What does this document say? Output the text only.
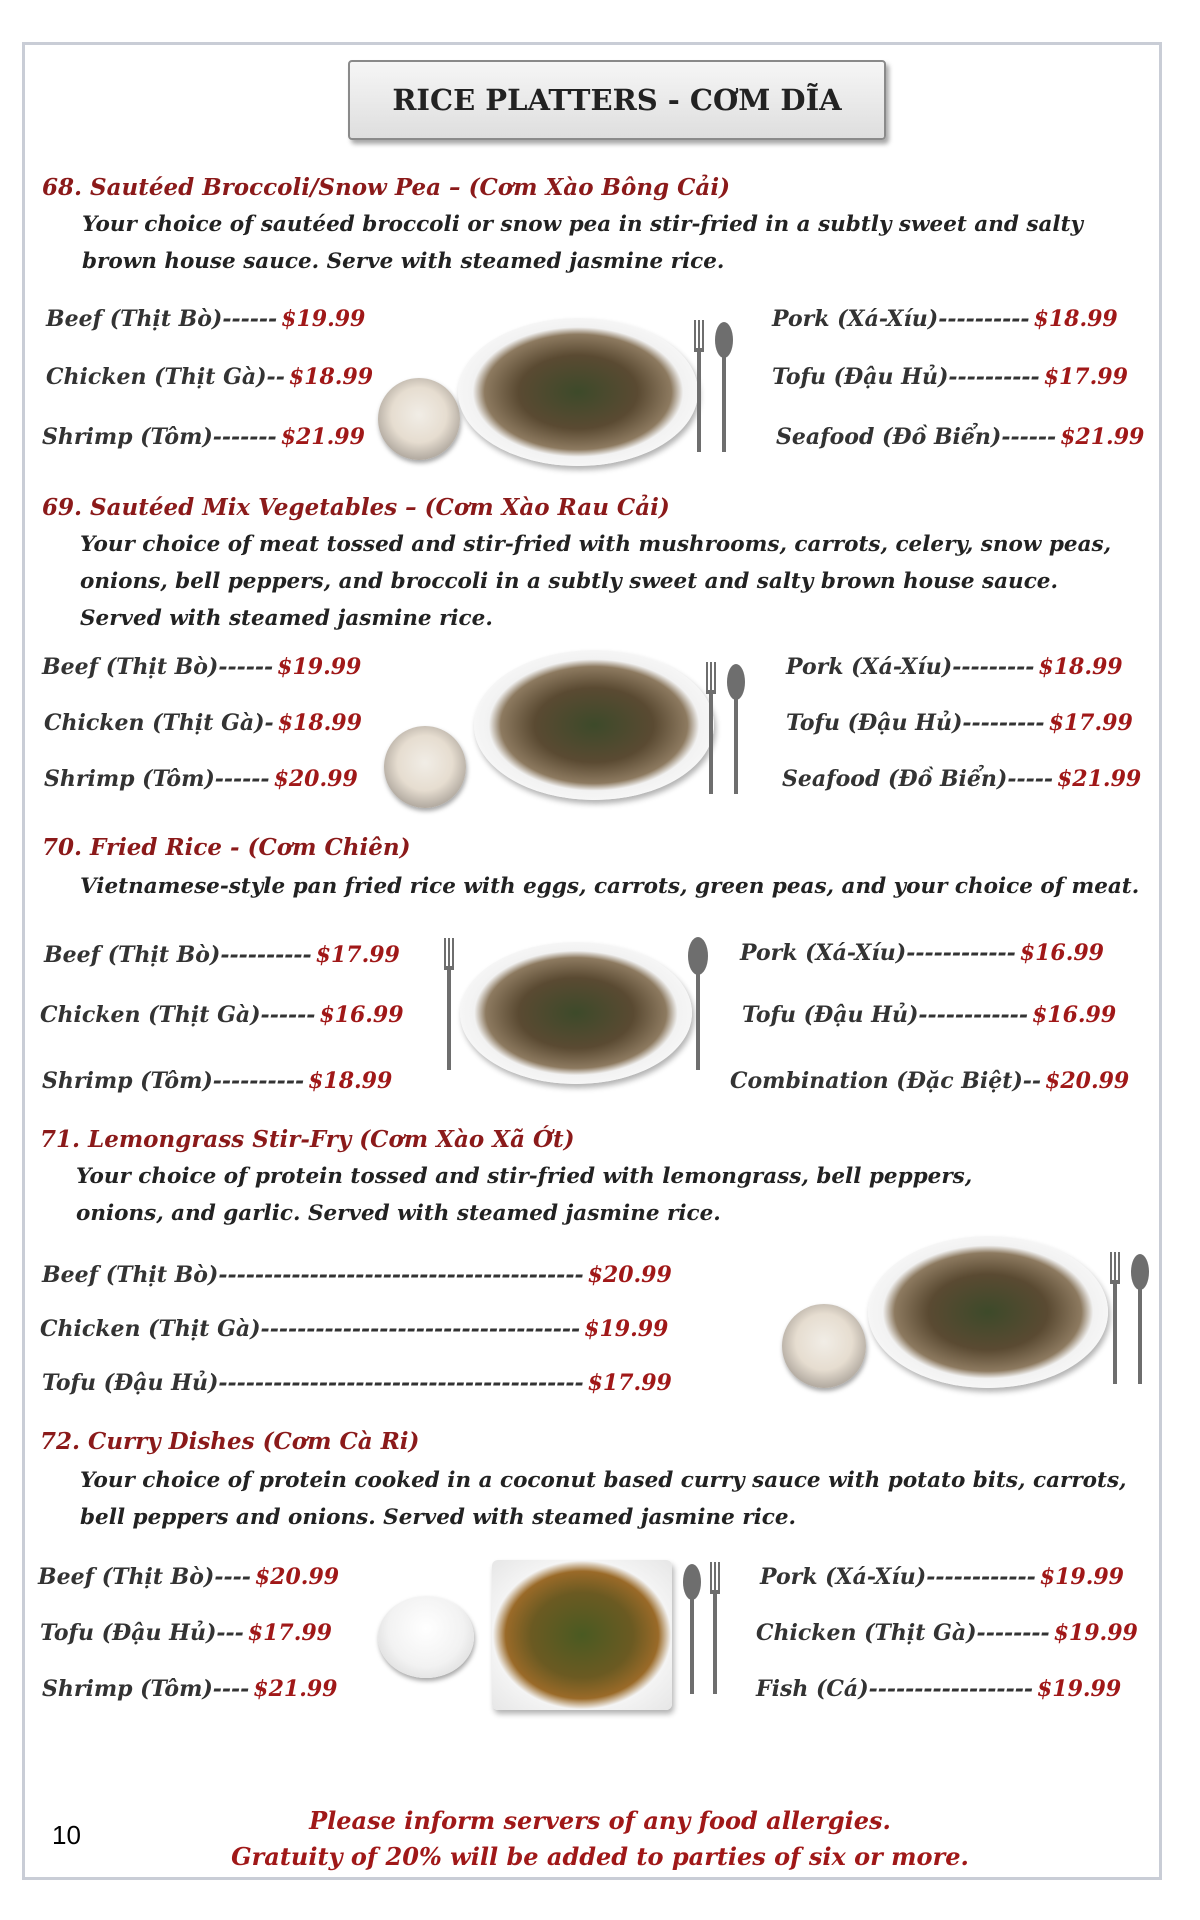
RICE PLATTERS - CƠM DĨA
68. Sautéed Broccoli/Snow Pea – (Cơm Xào Bông Cải)
Your choice of sautéed broccoli or snow pea in stir-fried in a subtly sweet and salty brown house sauce. Serve with steamed jasmine rice.
Beef (Thịt Bò)------ $19.99
Chicken (Thịt Gà)-- $18.99
Shrimp (Tôm)------- $21.99
Pork (Xá-Xíu)---------- $18.99
Tofu (Đậu Hủ)---------- $17.99
Seafood (Đồ Biển)------ $21.99
69. Sautéed Mix Vegetables – (Cơm Xào Rau Cải)
Your choice of meat tossed and stir-fried with mushrooms, carrots, celery, snow peas, onions, bell peppers, and broccoli in a subtly sweet and salty brown house sauce. Served with steamed jasmine rice.
Beef (Thịt Bò)------ $19.99
Chicken (Thịt Gà)- $18.99
Shrimp (Tôm)------ $20.99
Pork (Xá-Xíu)--------- $18.99
Tofu (Đậu Hủ)--------- $17.99
Seafood (Đồ Biển)----- $21.99
70. Fried Rice - (Cơm Chiên)
Vietnamese-style pan fried rice with eggs, carrots, green peas, and your choice of meat.
Beef (Thịt Bò)---------- $17.99
Chicken (Thịt Gà)------ $16.99
Shrimp (Tôm)---------- $18.99
Pork (Xá-Xíu)------------ $16.99
Tofu (Đậu Hủ)------------ $16.99
Combination (Đặc Biệt)-- $20.99
71. Lemongrass Stir-Fry (Cơm Xào Xã Ớt)
Your choice of protein tossed and stir-fried with lemongrass, bell peppers, onions, and garlic. Served with steamed jasmine rice.
Beef (Thịt Bò)---------------------------------------- $20.99
Chicken (Thịt Gà)----------------------------------- $19.99
Tofu (Đậu Hủ)---------------------------------------- $17.99
72. Curry Dishes (Cơm Cà Ri)
Your choice of protein cooked in a coconut based curry sauce with potato bits, carrots, bell peppers and onions. Served with steamed jasmine rice.
Beef (Thịt Bò)---- $20.99
Tofu (Đậu Hủ)--- $17.99
Shrimp (Tôm)---- $21.99
Pork (Xá-Xíu)------------ $19.99
Chicken (Thịt Gà)-------- $19.99
Fish (Cá)------------------ $19.99
Please inform servers of any food allergies.
Gratuity of 20% will be added to parties of six or more.
10
